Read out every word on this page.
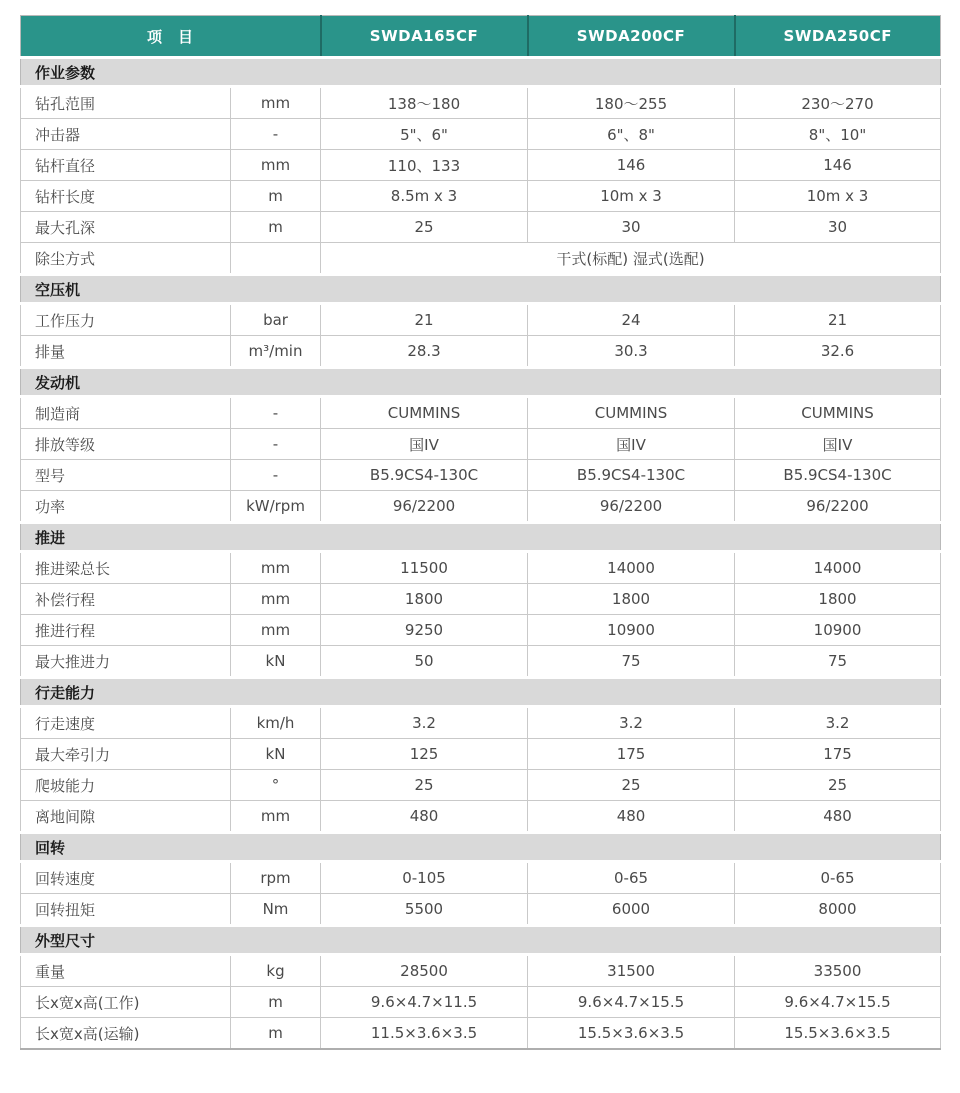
项　目		SWDA165CF	SWDA200CF	SWDA250CF
作业参数				
钻孔范围	mm	138～180	180～255	230～270
冲击器	-	5"、6"	6"、8"	8"、10"
钻杆直径	mm	110、133	146	146
钻杆长度	m	8.5m x 3	10m x 3	10m x 3
最大孔深	m	25	30	30
除尘方式		干式(标配) 湿式(选配)		
空压机				
工作压力	bar	21	24	21
排量	m³/min	28.3	30.3	32.6
发动机				
制造商	-	CUMMINS	CUMMINS	CUMMINS
排放等级	-	国IV	国IV	国IV
型号	-	B5.9CS4-130C	B5.9CS4-130C	B5.9CS4-130C
功率	kW/rpm	96/2200	96/2200	96/2200
推进				
推进梁总长	mm	11500	14000	14000
补偿行程	mm	1800	1800	1800
推进行程	mm	9250	10900	10900
最大推进力	kN	50	75	75
行走能力				
行走速度	km/h	3.2	3.2	3.2
最大牵引力	kN	125	175	175
爬坡能力	°	25	25	25
离地间隙	mm	480	480	480
回转				
回转速度	rpm	0-105	0-65	0-65
回转扭矩	Nm	5500	6000	8000
外型尺寸				
重量	kg	28500	31500	33500
长x宽x高(工作)	m	9.6×4.7×11.5	9.6×4.7×15.5	9.6×4.7×15.5
长x宽x高(运输)	m	11.5×3.6×3.5	15.5×3.6×3.5	15.5×3.6×3.5
